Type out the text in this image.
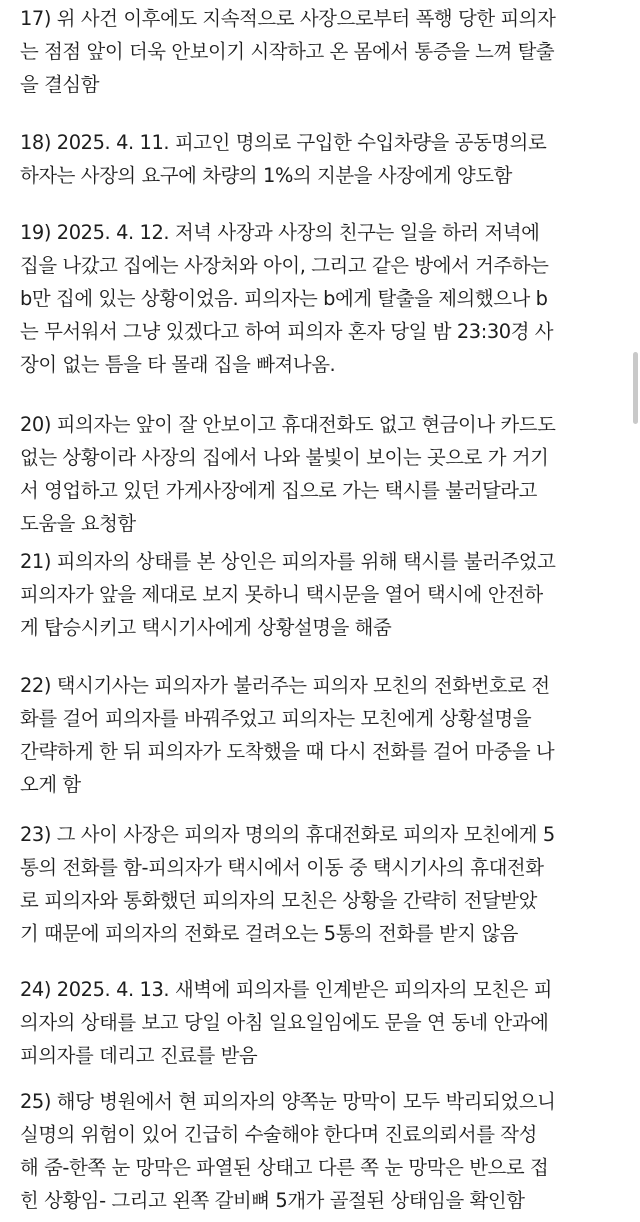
17) 위 사건 이후에도 지속적으로 사장으로부터 폭행 당한 피의자
는 점점 앞이 더욱 안보이기 시작하고 온 몸에서 통증을 느껴 탈출
을 결심함

18) 2025. 4. 11. 피고인 명의로 구입한 수입차량을 공동명의로
하자는 사장의 요구에 차량의 1%의 지분을 사장에게 양도함

19) 2025. 4. 12. 저녁 사장과 사장의 친구는 일을 하러 저녁에
집을 나갔고 집에는 사장처와 아이, 그리고 같은 방에서 거주하는
b만 집에 있는 상황이었음. 피의자는 b에게 탈출을 제의했으나 b
는 무서워서 그냥 있겠다고 하여 피의자 혼자 당일 밤 23:30경 사
장이 없는 틈을 타 몰래 집을 빠져나옴.

20) 피의자는 앞이 잘 안보이고 휴대전화도 없고 현금이나 카드도
없는 상황이라 사장의 집에서 나와 불빛이 보이는 곳으로 가 거기
서 영업하고 있던 가게사장에게 집으로 가는 택시를 불러달라고
도움을 요청함

21) 피의자의 상태를 본 상인은 피의자를 위해 택시를 불러주었고
피의자가 앞을 제대로 보지 못하니 택시문을 열어 택시에 안전하
게 탑승시키고 택시기사에게 상황설명을 해줌

22) 택시기사는 피의자가 불러주는 피의자 모친의 전화번호로 전
화를 걸어 피의자를 바꿔주었고 피의자는 모친에게 상황설명을
간략하게 한 뒤 피의자가 도착했을 때 다시 전화를 걸어 마중을 나
오게 함

23) 그 사이 사장은 피의자 명의의 휴대전화로 피의자 모친에게 5
통의 전화를 함-피의자가 택시에서 이동 중 택시기사의 휴대전화
로 피의자와 통화했던 피의자의 모친은 상황을 간략히 전달받았
기 때문에 피의자의 전화로 걸려오는 5통의 전화를 받지 않음

24) 2025. 4. 13. 새벽에 피의자를 인계받은 피의자의 모친은 피
의자의 상태를 보고 당일 아침 일요일임에도 문을 연 동네 안과에
피의자를 데리고 진료를 받음

25) 해당 병원에서 현 피의자의 양쪽눈 망막이 모두 박리되었으니
실명의 위험이 있어 긴급히 수술해야 한다며 진료의뢰서를 작성
해 줌-한쪽 눈 망막은 파열된 상태고 다른 쪽 눈 망막은 반으로 접
힌 상황임- 그리고 왼쪽 갈비뼈 5개가 골절된 상태임을 확인함
